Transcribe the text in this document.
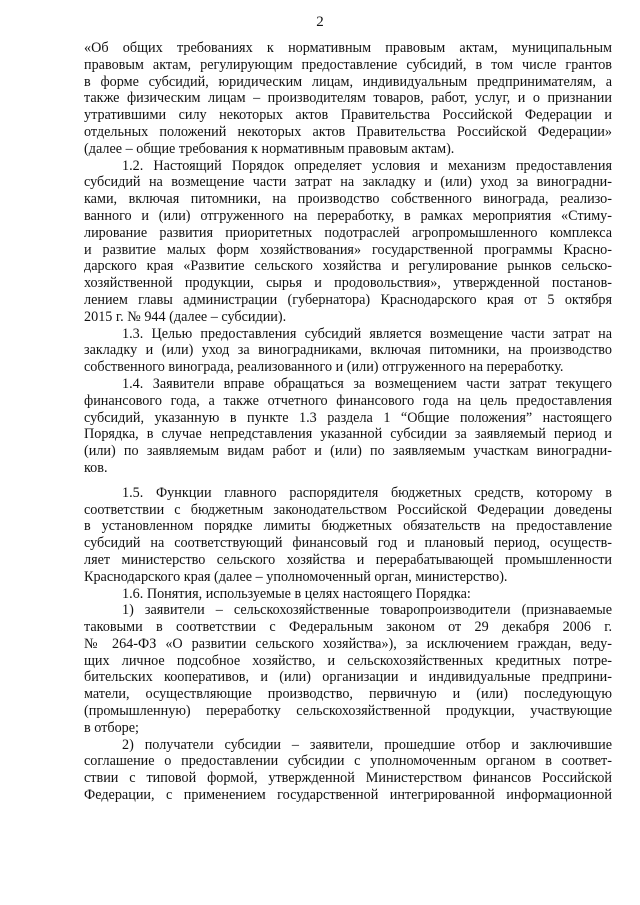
2
«Об общих требованиях к нормативным правовым актам, муниципальным
правовым актам, регулирующим предоставление субсидий, в том числе грантов
в форме субсидий, юридическим лицам, индивидуальным предпринимателям, а
также физическим лицам – производителям товаров, работ, услуг, и о признании
утратившими силу некоторых актов Правительства Российской Федерации и
отдельных положений некоторых актов Правительства Российской Федерации»
(далее – общие требования к нормативным правовым актам).
1.2. Настоящий Порядок определяет условия и механизм предоставления
субсидий на возмещение части затрат на закладку и (или) уход за виноградни-
ками, включая питомники, на производство собственного винограда, реализо-
ванного и (или) отгруженного на переработку, в рамках мероприятия «Стиму-
лирование развития приоритетных подотраслей агропромышленного комплекса
и развитие малых форм хозяйствования» государственной программы Красно-
дарского края «Развитие сельского хозяйства и регулирование рынков сельско-
хозяйственной продукции, сырья и продовольствия», утвержденной постанов-
лением главы администрации (губернатора) Краснодарского края от 5 октября
2015 г. № 944 (далее – субсидии).
1.3. Целью предоставления субсидий является возмещение части затрат на
закладку и (или) уход за виноградниками, включая питомники, на производство
собственного винограда, реализованного и (или) отгруженного на переработку.
1.4. Заявители вправе обращаться за возмещением части затрат текущего
финансового года, а также отчетного финансового года на цель предоставления
субсидий, указанную в пункте 1.3 раздела 1 “Общие положения” настоящего
Порядка, в случае непредставления указанной субсидии за заявляемый период и
(или) по заявляемым видам работ и (или) по заявляемым участкам виноградни-
ков.
1.5. Функции главного распорядителя бюджетных средств, которому в
соответствии с бюджетным законодательством Российской Федерации доведены
в установленном порядке лимиты бюджетных обязательств на предоставление
субсидий на соответствующий финансовый год и плановый период, осуществ-
ляет министерство сельского хозяйства и перерабатывающей промышленности
Краснодарского края (далее – уполномоченный орган, министерство).
1.6. Понятия, используемые в целях настоящего Порядка:
1) заявители – сельскохозяйственные товаропроизводители (признаваемые
таковыми в соответствии с Федеральным законом от 29 декабря 2006 г.
№ 264-ФЗ «О развитии сельского хозяйства»), за исключением граждан, веду-
щих личное подсобное хозяйство, и сельскохозяйственных кредитных потре-
бительских кооперативов, и (или) организации и индивидуальные предприни-
матели, осуществляющие производство, первичную и (или) последующую
(промышленную) переработку сельскохозяйственной продукции, участвующие
в отборе;
2) получатели субсидии – заявители, прошедшие отбор и заключившие
соглашение о предоставлении субсидии с уполномоченным органом в соответ-
ствии с типовой формой, утвержденной Министерством финансов Российской
Федерации, с применением государственной интегрированной информационной
